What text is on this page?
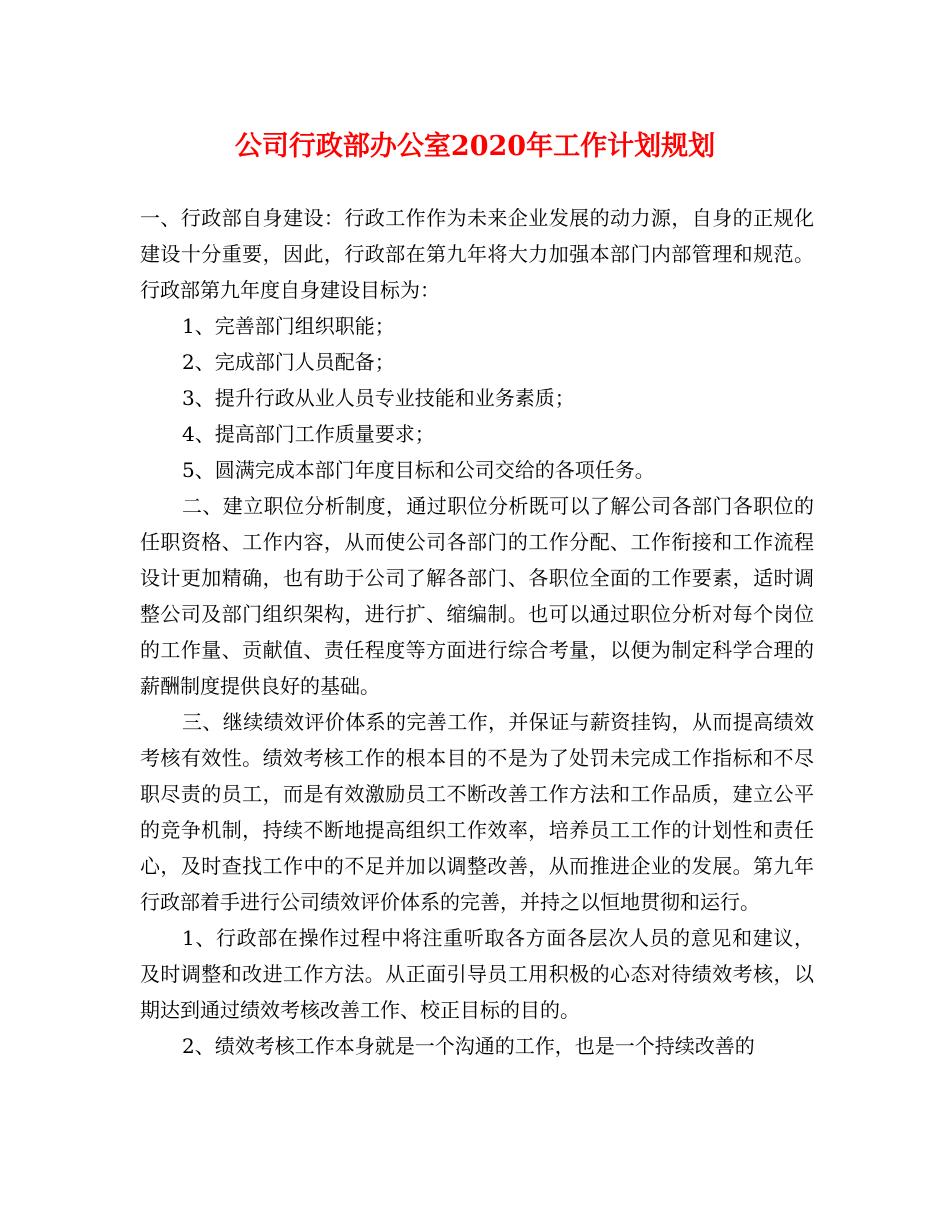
公司行政部办公室2020年工作计划规划

一、行政部自身建设：行政工作作为未来企业发展的动力源，自身的正规化建设十分重要，因此，行政部在第九年将大力加强本部门内部管理和规范。行政部第九年度自身建设目标为：

1、完善部门组织职能；

2、完成部门人员配备；

3、提升行政从业人员专业技能和业务素质；

4、提高部门工作质量要求；

5、圆满完成本部门年度目标和公司交给的各项任务。

二、建立职位分析制度，通过职位分析既可以了解公司各部门各职位的任职资格、工作内容，从而使公司各部门的工作分配、工作衔接和工作流程设计更加精确，也有助于公司了解各部门、各职位全面的工作要素，适时调整公司及部门组织架构，进行扩、缩编制。也可以通过职位分析对每个岗位的工作量、贡献值、责任程度等方面进行综合考量，以便为制定科学合理的薪酬制度提供良好的基础。

三、继续绩效评价体系的完善工作，并保证与薪资挂钩，从而提高绩效考核有效性。绩效考核工作的根本目的不是为了处罚未完成工作指标和不尽职尽责的员工，而是有效激励员工不断改善工作方法和工作品质，建立公平的竞争机制，持续不断地提高组织工作效率，培养员工工作的计划性和责任心，及时查找工作中的不足并加以调整改善，从而推进企业的发展。第九年行政部着手进行公司绩效评价体系的完善，并持之以恒地贯彻和运行。

1、行政部在操作过程中将注重听取各方面各层次人员的意见和建议，及时调整和改进工作方法。从正面引导员工用积极的心态对待绩效考核，以期达到通过绩效考核改善工作、校正目标的目的。

2、绩效考核工作本身就是一个沟通的工作，也是一个持续改善的
